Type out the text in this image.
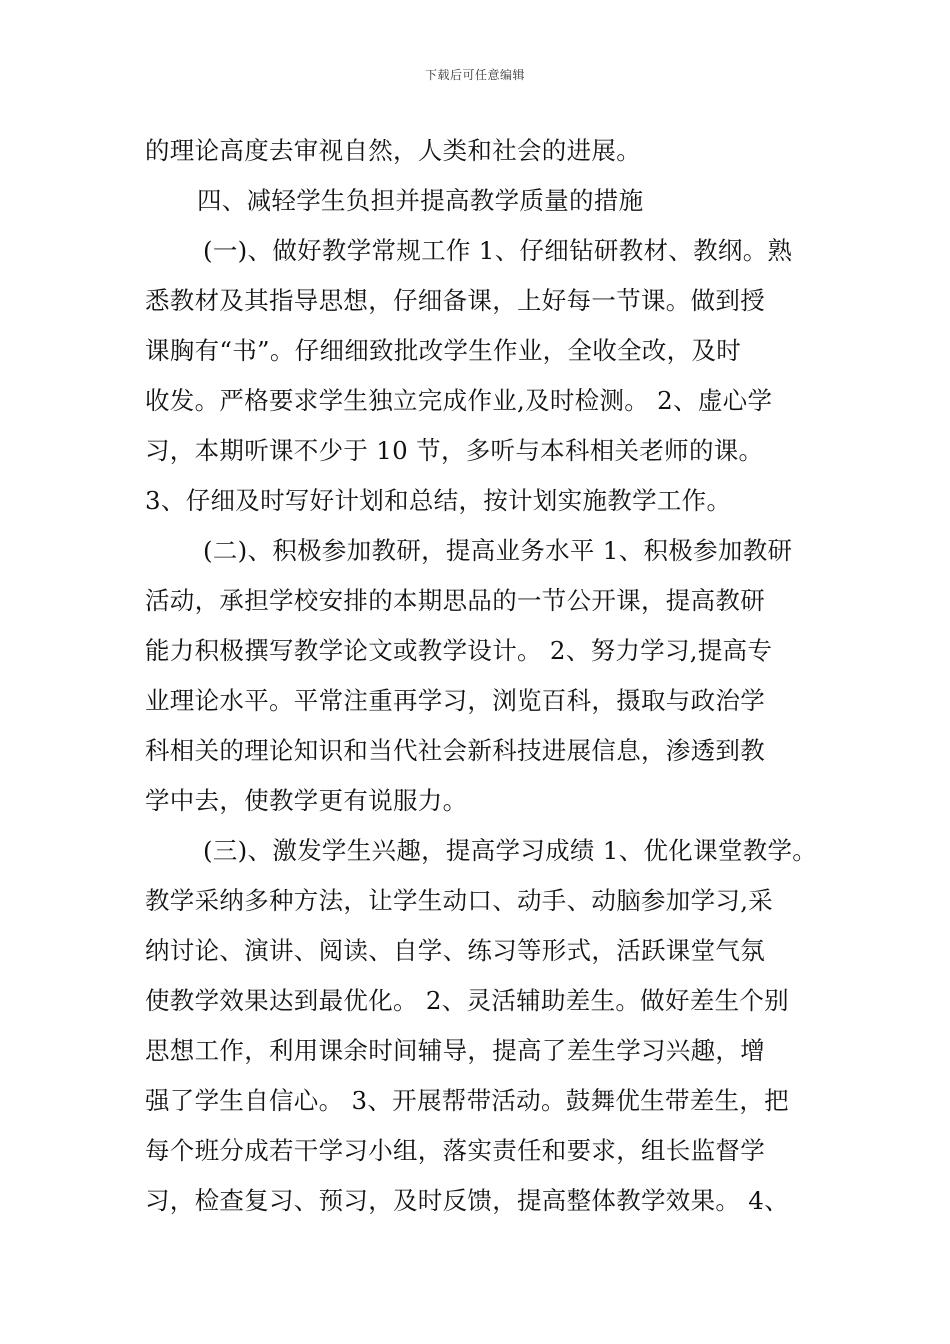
下载后可任意编辑
的理论高度去审视自然，人类和社会的进展。
四、减轻学生负担并提高教学质量的措施
(一)、做好教学常规工作 1、仔细钻研教材、教纲。熟
悉教材及其指导思想，仔细备课，上好每一节课。做到授
课胸有“书”。仔细细致批改学生作业，全收全改，及时
收发。严格要求学生独立完成作业,及时检测。 2、虚心学
习，本期听课不少于 10 节，多听与本科相关老师的课。
3、仔细及时写好计划和总结，按计划实施教学工作。
(二)、积极参加教研，提高业务水平 1、积极参加教研
活动，承担学校安排的本期思品的一节公开课，提高教研
能力积极撰写教学论文或教学设计。 2、努力学习,提高专
业理论水平。平常注重再学习，浏览百科，摄取与政治学
科相关的理论知识和当代社会新科技进展信息，渗透到教
学中去，使教学更有说服力。
(三)、激发学生兴趣，提高学习成绩 1、优化课堂教学。
教学采纳多种方法，让学生动口、动手、动脑参加学习,采
纳讨论、演讲、阅读、自学、练习等形式，活跃课堂气氛
使教学效果达到最优化。 2、灵活辅助差生。做好差生个别
思想工作，利用课余时间辅导，提高了差生学习兴趣，增
强了学生自信心。 3、开展帮带活动。鼓舞优生带差生，把
每个班分成若干学习小组，落实责任和要求，组长监督学
习，检查复习、预习，及时反馈，提高整体教学效果。 4、
